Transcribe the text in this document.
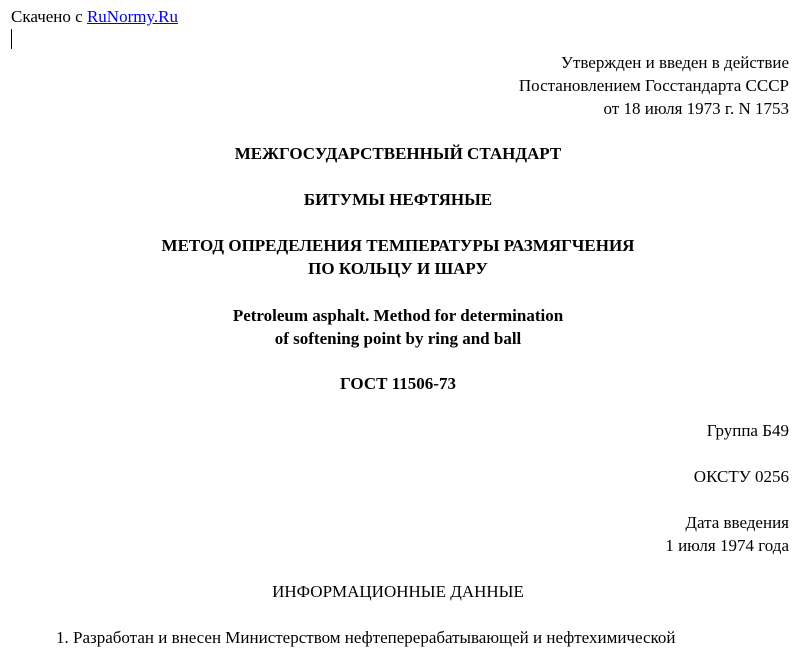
Скачено с RuNormy.Ru
Утвержден и введен в действие
Постановлением Госстандарта СССР
от 18 июля 1973 г. N 1753
МЕЖГОСУДАРСТВЕННЫЙ СТАНДАРТ
БИТУМЫ НЕФТЯНЫЕ
МЕТОД ОПРЕДЕЛЕНИЯ ТЕМПЕРАТУРЫ РАЗМЯГЧЕНИЯ
ПО КОЛЬЦУ И ШАРУ
Petroleum asphalt. Method for determination
of softening point by ring and ball
ГОСТ 11506-73
Группа Б49
ОКСТУ 0256
Дата введения
1 июля 1974 года
ИНФОРМАЦИОННЫЕ ДАННЫЕ
1. Разработан и внесен Министерством нефтеперерабатывающей и нефтехимической
